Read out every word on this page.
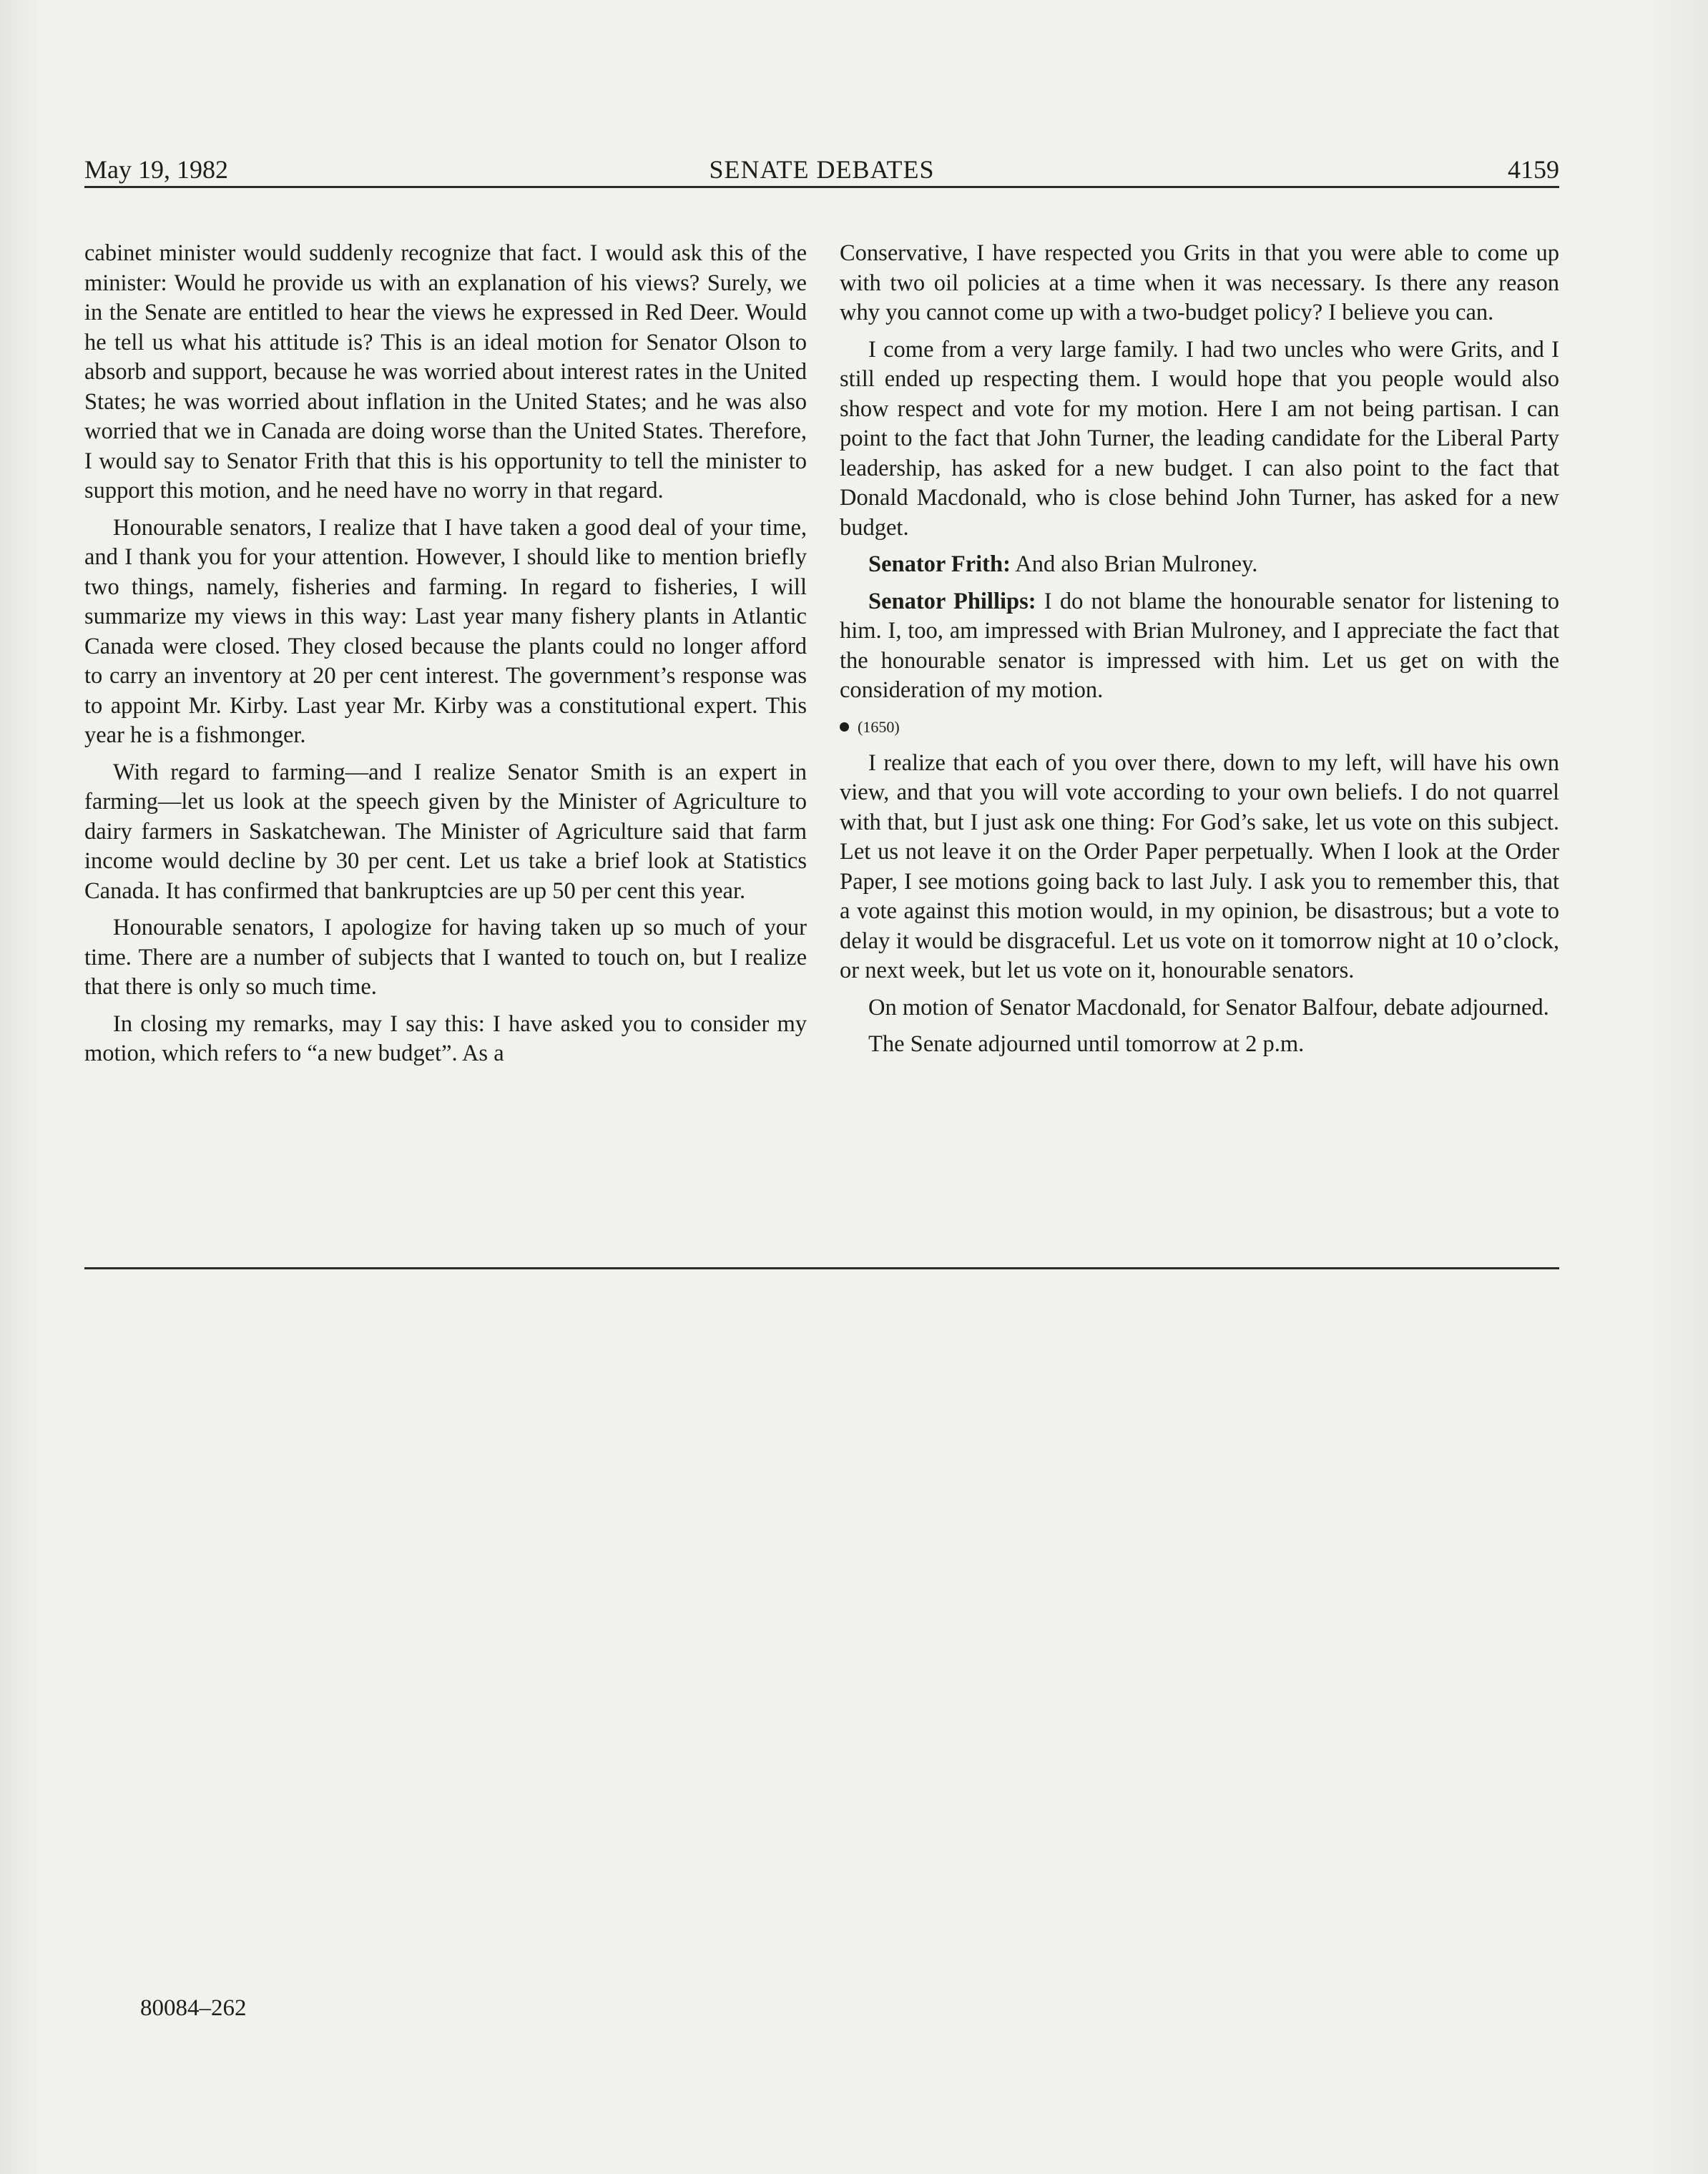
May 19, 1982	SENATE DEBATES	4159

cabinet minister would suddenly recognize that fact. I would ask this of the minister: Would he provide us with an explanation of his views? Surely, we in the Senate are entitled to hear the views he expressed in Red Deer. Would he tell us what his attitude is? This is an ideal motion for Senator Olson to absorb and support, because he was worried about interest rates in the United States; he was worried about inflation in the United States; and he was also worried that we in Canada are doing worse than the United States. Therefore, I would say to Senator Frith that this is his opportunity to tell the minister to support this motion, and he need have no worry in that regard.

Honourable senators, I realize that I have taken a good deal of your time, and I thank you for your attention. However, I should like to mention briefly two things, namely, fisheries and farming. In regard to fisheries, I will summarize my views in this way: Last year many fishery plants in Atlantic Canada were closed. They closed because the plants could no longer afford to carry an inventory at 20 per cent interest. The government’s response was to appoint Mr. Kirby. Last year Mr. Kirby was a constitutional expert. This year he is a fishmonger.

With regard to farming—and I realize Senator Smith is an expert in farming—let us look at the speech given by the Minister of Agriculture to dairy farmers in Saskatchewan. The Minister of Agriculture said that farm income would decline by 30 per cent. Let us take a brief look at Statistics Canada. It has confirmed that bankruptcies are up 50 per cent this year.

Honourable senators, I apologize for having taken up so much of your time. There are a number of subjects that I wanted to touch on, but I realize that there is only so much time.

In closing my remarks, may I say this: I have asked you to consider my motion, which refers to “a new budget”. As a

Conservative, I have respected you Grits in that you were able to come up with two oil policies at a time when it was necessary. Is there any reason why you cannot come up with a two-budget policy? I believe you can.

I come from a very large family. I had two uncles who were Grits, and I still ended up respecting them. I would hope that you people would also show respect and vote for my motion. Here I am not being partisan. I can point to the fact that John Turner, the leading candidate for the Liberal Party leadership, has asked for a new budget. I can also point to the fact that Donald Macdonald, who is close behind John Turner, has asked for a new budget.

Senator Frith: And also Brian Mulroney.

Senator Phillips: I do not blame the honourable senator for listening to him. I, too, am impressed with Brian Mulroney, and I appreciate the fact that the honourable senator is impressed with him. Let us get on with the consideration of my motion.

(1650)

I realize that each of you over there, down to my left, will have his own view, and that you will vote according to your own beliefs. I do not quarrel with that, but I just ask one thing: For God’s sake, let us vote on this subject. Let us not leave it on the Order Paper perpetually. When I look at the Order Paper, I see motions going back to last July. I ask you to remember this, that a vote against this motion would, in my opinion, be disastrous; but a vote to delay it would be disgraceful. Let us vote on it tomorrow night at 10 o’clock, or next week, but let us vote on it, honourable senators.

On motion of Senator Macdonald, for Senator Balfour, debate adjourned.

The Senate adjourned until tomorrow at 2 p.m.

80084–262
